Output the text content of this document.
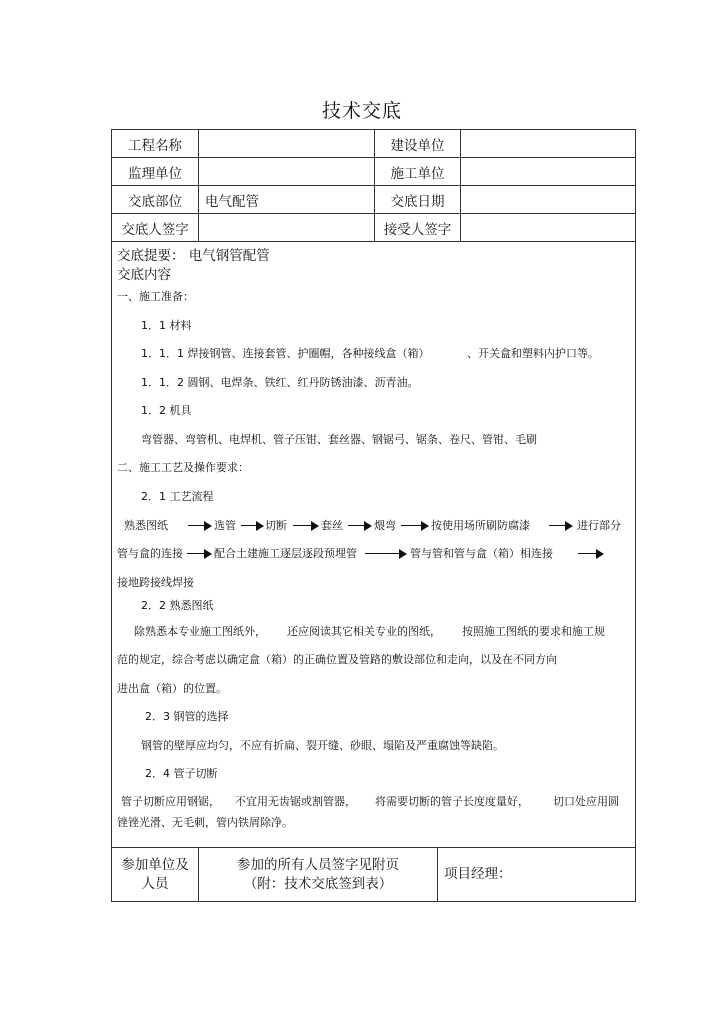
技术交底
工程名称		建设单位	
监理单位		施工单位	
交底部位	电气配管	交底日期	
交底人签字		接受人签字	
交底提要： 电气钢管配管
交底内容
一、施工准备：
1．1 材料
1．1．1 焊接钢管、连接套管、护圈帽，各种接线盒（箱）	、开关盒和塑料内护口等。
1．1．2 圆钢、电焊条、铁红、红丹防锈油漆、沥青油。
1．2 机具
弯管器、弯管机、电焊机、管子压钳、套丝器、钢锯弓、锯条、卷尺、管钳、毛刷
二、施工工艺及操作要求：
2．1 工艺流程
熟悉图纸	选管	切断	套丝	煨弯	按使用场所刷防腐漆	进行部分
管与盒的连接	配合土建施工逐层逐段预埋管	管与管和管与盒（箱）相连接
接地跨接线焊接
2．2 熟悉图纸
除熟悉本专业施工图纸外， 还应阅读其它相关专业的图纸， 按照施工图纸的要求和施工规
范的规定，综合考虑以确定盒（箱）的正确位置及管路的敷设部位和走向，以及在不同方向
进出盒（箱）的位置。
2．3 钢管的选择
钢管的壁厚应均匀，不应有折扁、裂开缝、砂眼、塌陷及严重腐蚀等缺陷。
2．4 管子切断
管子切断应用钢锯， 不宜用无齿锯或割管器， 将需要切断的管子长度度量好， 切口处应用圆
锉锉光滑、无毛刺，管内铁屑除净。
参加单位及
人员

参加的所有人员签字见附页
（附：技术交底签到表）
	项目经理：
